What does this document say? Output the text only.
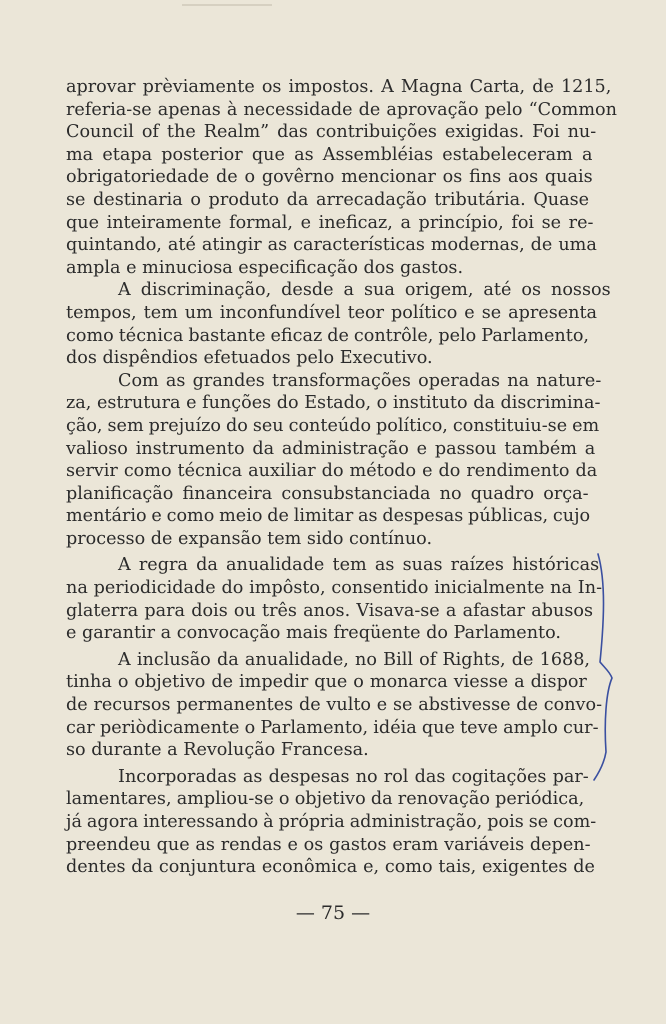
aprovar prèviamente os impostos. A Magna Carta, de 1215,
referia-se apenas à necessidade de aprovação pelo “Common
Council of the Realm” das contribuições exigidas. Foi nu-
ma etapa posterior que as Assembléias estabeleceram a
obrigatoriedade de o govêrno mencionar os fins aos quais
se destinaria o produto da arrecadação tributária. Quase
que inteiramente formal, e ineficaz, a princípio, foi se re-
quintando, até atingir as características modernas, de uma
ampla e minuciosa especificação dos gastos.

A discriminação, desde a sua origem, até os nossos
tempos, tem um inconfundível teor político e se apresenta
como técnica bastante eficaz de contrôle, pelo Parlamento,
dos dispêndios efetuados pelo Executivo.

Com as grandes transformações operadas na nature-
za, estrutura e funções do Estado, o instituto da discrimina-
ção, sem prejuízo do seu conteúdo político, constituiu-se em
valioso instrumento da administração e passou também a
servir como técnica auxiliar do método e do rendimento da
planificação financeira consubstanciada no quadro orça-
mentário e como meio de limitar as despesas públicas, cujo
processo de expansão tem sido contínuo.

A regra da anualidade tem as suas raízes históricas
na periodicidade do impôsto, consentido inicialmente na In-
glaterra para dois ou três anos. Visava-se a afastar abusos
e garantir a convocação mais freqüente do Parlamento.

A inclusão da anualidade, no Bill of Rights, de 1688,
tinha o objetivo de impedir que o monarca viesse a dispor
de recursos permanentes de vulto e se abstivesse de convo-
car periòdicamente o Parlamento, idéia que teve amplo cur-
so durante a Revolução Francesa.

Incorporadas as despesas no rol das cogitações par-
lamentares, ampliou-se o objetivo da renovação periódica,
já agora interessando à própria administração, pois se com-
preendeu que as rendas e os gastos eram variáveis depen-
dentes da conjuntura econômica e, como tais, exigentes de

— 75 —
